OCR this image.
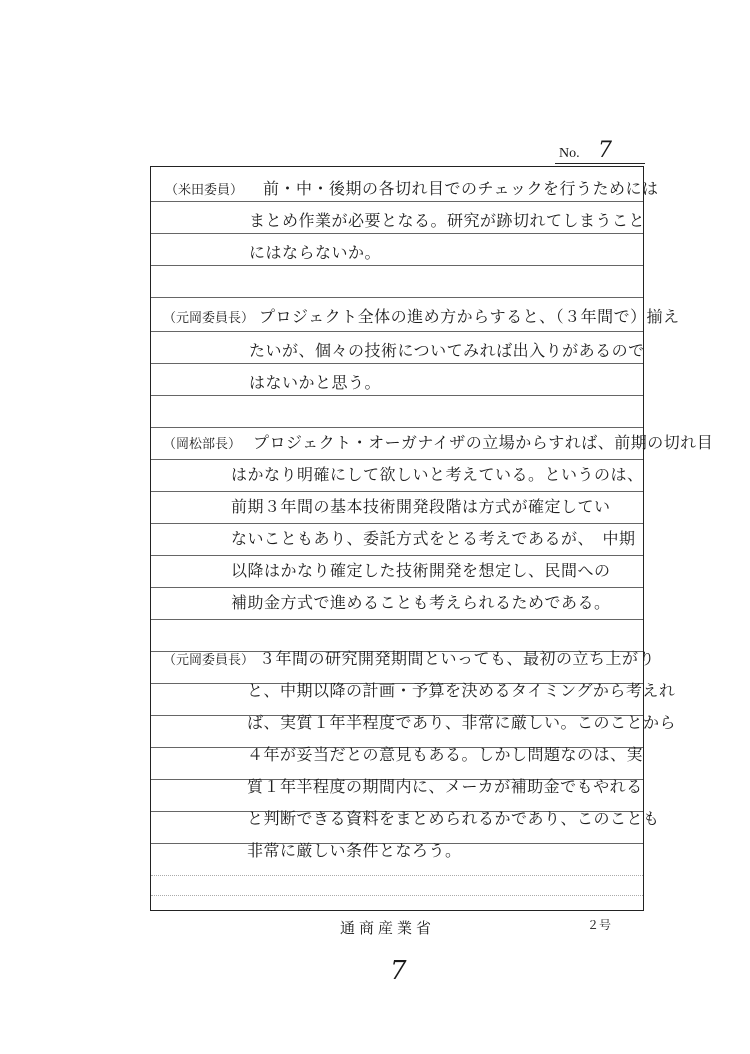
No. 7
（米田委員） 前・中・後期の各切れ目でのチェックを行うためには
まとめ作業が必要となる。研究が跡切れてしまうこと
にはならないか。
（元岡委員長） プロジェクト全体の進め方からすると、（３年間で）揃え
たいが、個々の技術についてみれば出入りがあるので
はないかと思う。
（岡松部長） プロジェクト・オーガナイザの立場からすれば、前期の切れ目
はかなり明確にして欲しいと考えている。というのは、
前期３年間の基本技術開発段階は方式が確定してい
ないこともあり、委託方式をとる考えであるが、　中期
以降はかなり確定した技術開発を想定し、民間への
補助金方式で進めることも考えられるためである。
（元岡委員長） ３年間の研究開発期間といっても、最初の立ち上がり
と、中期以降の計画・予算を決めるタイミングから考えれ
ば、実質１年半程度であり、非常に厳しい。このことから
４年が妥当だとの意見もある。しかし問題なのは、実
質１年半程度の期間内に、メーカが補助金でもやれる
と判断できる資料をまとめられるかであり、このことも
非常に厳しい条件となろう。
通商産業省	２号
7
